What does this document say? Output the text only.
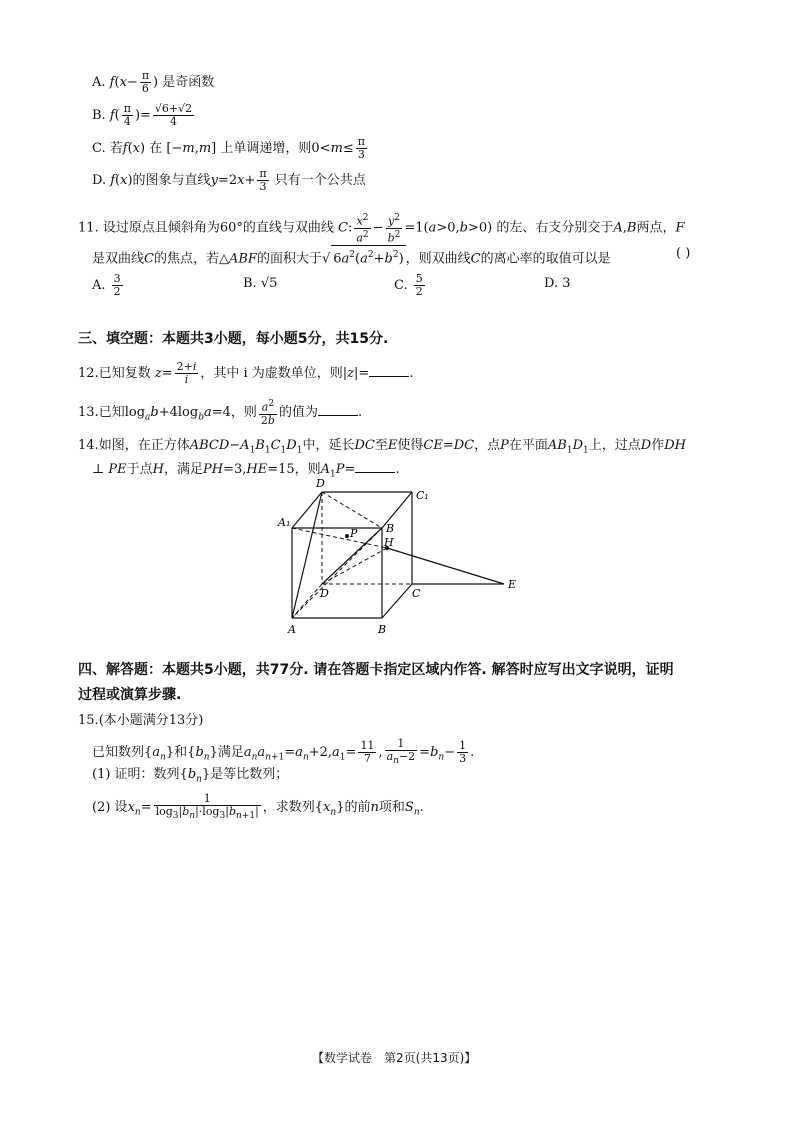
A. $f(x- \frac{\pi}{6}$ ) 是奇函数
B. $f( \frac{\pi}{4}$ )= $\frac{√6+√2}{4}$
C. 若f(x) 在 [−m,m] 上单调递增，则$0<m\le \frac{\pi}{3}$
D. f(x)的图象与直线$y=2x+ \frac{\pi}{3}$ 只有一个公共点
11. 设过原点且倾斜角为60°的直线与双曲线 C: $\frac{x^2}{a^2} - \frac{y^2}{b^2} =1(a>0,b>0)$ 的左、右支分别交于A,B两点，F
是双曲线C的焦点，若△ABF的面积大于√ $6a^2(a^2+b^2)$ ，则双曲线C的离心率的取值可以是	( )
A. $\frac{3}{2}$	B. √5	C. $\frac{5}{2}$	D. 3
三、填空题：本题共3小题，每小题5分，共15分.
12.已知复数 $z= \frac{2+i}{i}$ ，其中 i 为虚数单位，则|z|=	.
13.已知$\log_ab+4\log_ba=4$，则 $\frac{a^2}{2b}$ 的值为	.
14.如图，在正方体$ABCD-A_1B_1C_1D_1$中，延长DC至E使得CE=DC，点P在平面$AB_1D_1$上，过点D作DH
⊥ PE于点H，满足PH=3,HE=15，则$A_1P=$	.
D
C₁
A₁
P	B
H
D	C
E
A	B
四、解答题：本题共5小题，共77分. 请在答题卡指定区域内作答. 解答时应写出文字说明，证明
过程或演算步骤.
15.(本小题满分13分)
已知数列$\{a_n\}$和$\{b_n\}$满足$a_na_{n+1}=a_n+2,a_1= \frac{11}{7}$ , $\frac{1}{a_n-2} =b_n- \frac{1}{3}$ .
(1) 证明：数列$\{b_n\}$是等比数列；
(2) 设$x_n= \frac{1}{\log_3|b_n|\cdot\log_3|b_{n+1}|}$ ，求数列$\{x_n\}$的前n项和$S_n$.
【数学试卷　第2页(共13页)】
